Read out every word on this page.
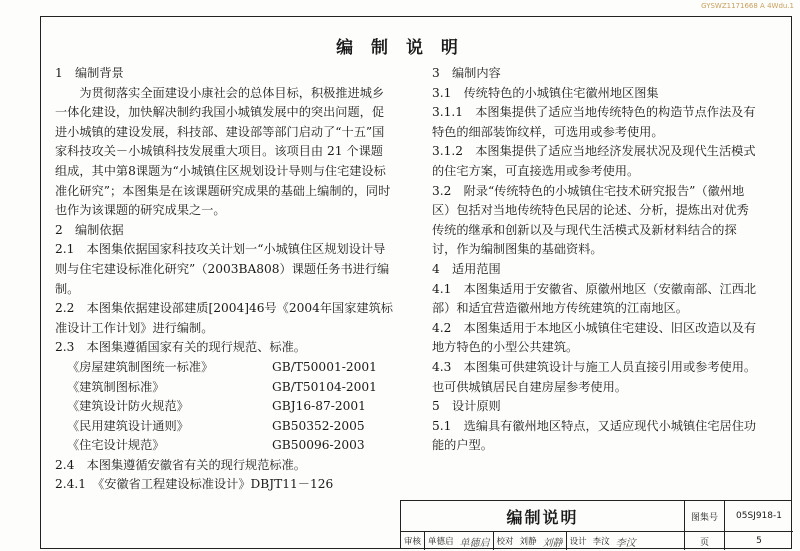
GYSWZ1171668 A 4Wdu.1
编 制 说 明

1　编制背景

为贯彻落实全面建设小康社会的总体目标，积极推进城乡一体化建设，加快解决制约我国小城镇发展中的突出问题，促进小城镇的建设发展，科技部、建设部等部门启动了“十五”国家科技攻关－小城镇科技发展重大项目。该项目由 21 个课题组成，其中第8课题为“小城镇住区规划设计导则与住宅建设标准化研究”；本图集是在该课题研究成果的基础上编制的，同时也作为该课题的研究成果之一。

2　编制依据

2.1　本图集依据国家科技攻关计划一“小城镇住区规划设计导则与住宅建设标准化研究”（2003BA808）课题任务书进行编制。

2.2　本图集依据建设部建质[2004]46号《2004年国家建筑标准设计工作计划》进行编制。

2.3　本图集遵循国家有关的现行规范、标准。

《房屋建筑制图统一标准》	GB/T50001-2001
《建筑制图标准》	GB/T50104-2001
《建筑设计防火规范》	GBJ16-87-2001
《民用建筑设计通则》	GB50352-2005
《住宅设计规范》	GB50096-2003

2.4　本图集遵循安徽省有关的现行规范标准。

2.4.1　《安徽省工程建设标准设计》DBJT11－126

3　编制内容

3.1　传统特色的小城镇住宅徽州地区图集

3.1.1　本图集提供了适应当地传统特色的构造节点作法及有特色的细部装饰纹样，可选用或参考使用。

3.1.2　本图集提供了适应当地经济发展状况及现代生活模式的住宅方案，可直接选用或参考使用。

3.2　附录“传统特色的小城镇住宅技术研究报告”（徽州地区）包括对当地传统特色民居的论述、分析，提炼出对优秀传统的继承和创新以及与现代生活模式及新材料结合的探讨，作为编制图集的基础资料。

4　适用范围

4.1　本图集适用于安徽省、原徽州地区（安徽南部、江西北部）和适宜营造徽州地方传统建筑的江南地区。

4.2　本图集适用于本地区小城镇住宅建设、旧区改造以及有地方特色的小型公共建筑。

4.3　本图集可供建筑设计与施工人员直接引用或参考使用。也可供城镇居民自建房屋参考使用。

5　设计原则

5.1　选编具有徽州地区特点，又适应现代小城镇住宅居住功能的户型。

编制说明	图集号	05SJ918-1
审核 单德启 单德启 校对 刘静 刘静 设计 李汶 李汶	页	5
